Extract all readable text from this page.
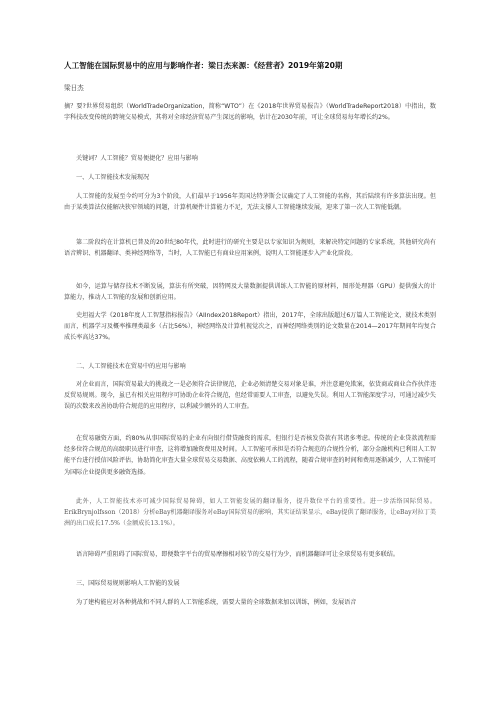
人工智能在国际贸易中的应用与影响作者：梁日杰来源：《经营者》2019年第20期
梁日杰

摘？要?世界贸易组织（WorldTradeOrganization，简称“WTO”）在《2018年世界贸易报告》（WorldTradeReport2018）中指出，数字科技改变传统的跨境交易模式，其将对全球经济贸易产生深远的影响，估计在2030年前，可让全球贸易每年增长约2%。

关键词？人工智能？贸易便捷化？应用与影响

一、人工智能技术发展现况

人工智能的发展至今约可分为3个阶段，人们最早于1956年美国达特茅斯会议确定了人工智能的名称，其后陆续有许多算法出现。但由于某类算法仅能解决狭窄领域的问题，计算机硬件计算能力不足，无法支撑人工智能继续发展，迎来了第一次人工智能低潮。

第二阶段约在计算机已普及的20世纪80年代，此时进行的研究主要是以专家知识为规则，来解决特定问题的专家系统，其他研究尚有语音辨识、机器翻译、类神经网络等，当时，人工智能已有商业应用案例，说明人工智能逐步入产业化阶段。

如今，运算与储存技术不断发展，算法有所突破，因特网及大量数据提供训练人工智能的原材料，图形处理器（GPU）提供强大的计算能力，推动人工智能的发展和创新应用。

史坦福大学《2018年度人工智慧指标报告》（AIIndex2018Report）指出，2017年，全球出版超过6万篇人工智能论文，就技术类别而言，机器学习及概率推理类最多（占比56%），神经网络及计算机视觉次之，而神经网络类别的论文数量在2014—2017年期间年均复合成长率高达37%。

二、人工智能技术在贸易中的应用与影响

对企业而言，国际贸易最大的挑战之一是必须符合法律规范，企业必须清楚交易对象是谁，并注意避免欺案，依货商或商业合作伙伴违反贸易规则。现今，虽已有相关应用程序可协助企业符合规范，但经常需要人工审查，以避免失误。利用人工智能深度学习，可通过减少失误的次数来改善协助符合规范的应用程序，以利减少额外的人工审查。

在贸易融资方面，约80%从事国际贸易的企业有向银行借贷融资的需求，但银行是否核发贷款有其诸多考虑。传统的企业贷款流程需经多位符合规范的高级职员进行审查，这将增加融资费用及时间。人工智能可承担是否符合规范的合规性分析，部分金融机构已利用人工智能平台进行授信风险评估，协助简化审查大量全球贸易交易数据、高度依赖人工的流程，随着合规审查的时间和费用逐渐减少，人工智能可为国际企业提供更多融资选择。

此外，人工智能技术亦可减少国际贸易障碍，如人工智能发展的翻译服务，提升数位平台的重要性。进一步活络国际贸易。ErikBrynjolfsson（2018）分析eBay机器翻译服务对eBay国际贸易的影响，其实证结果显示，eBay提供了翻译服务，让eBay对拉丁美洲的出口成长17.5%（金额成长13.1%）。

语言障碍严重阻碍了国际贸易，即便数字平台的贸易摩擦相对较节的交易行为少，而机器翻译可让全球贸易有更多联结。

三、国际贸易规则影响人工智能的发展

为了建构能应对各种挑战和不同人群的人工智能系统，需要大量的全球数据来加以训练，例如，发展语音
